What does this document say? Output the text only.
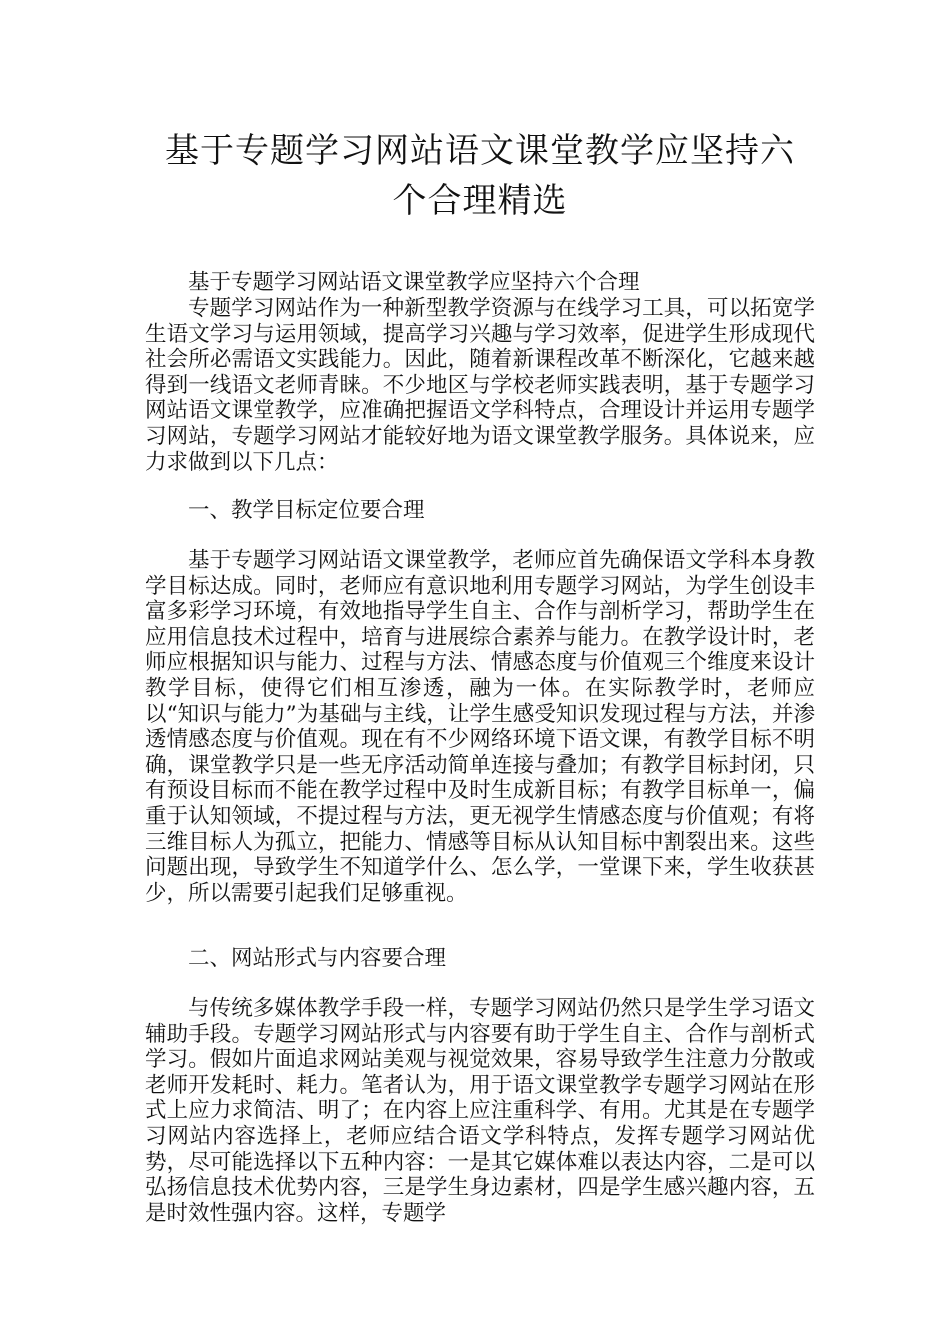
基于专题学习网站语文课堂教学应坚持六
个合理精选

基于专题学习网站语文课堂教学应坚持六个合理

专题学习网站作为一种新型教学资源与在线学习工具，可以拓宽学生语文学习与运用领域，提高学习兴趣与学习效率，促进学生形成现代社会所必需语文实践能力。因此，随着新课程改革不断深化，它越来越得到一线语文老师青睐。不少地区与学校老师实践表明，基于专题学习网站语文课堂教学，应准确把握语文学科特点，合理设计并运用专题学习网站，专题学习网站才能较好地为语文课堂教学服务。具体说来，应力求做到以下几点：

一、教学目标定位要合理

基于专题学习网站语文课堂教学，老师应首先确保语文学科本身教学目标达成。同时，老师应有意识地利用专题学习网站，为学生创设丰富多彩学习环境，有效地指导学生自主、合作与剖析学习，帮助学生在应用信息技术过程中，培育与进展综合素养与能力。在教学设计时，老师应根据知识与能力、过程与方法、情感态度与价值观三个维度来设计教学目标，使得它们相互渗透，融为一体。在实际教学时，老师应以“知识与能力”为基础与主线，让学生感受知识发现过程与方法，并渗透情感态度与价值观。现在有不少网络环境下语文课，有教学目标不明确，课堂教学只是一些无序活动简单连接与叠加；有教学目标封闭，只有预设目标而不能在教学过程中及时生成新目标；有教学目标单一，偏重于认知领域，不提过程与方法，更无视学生情感态度与价值观；有将三维目标人为孤立，把能力、情感等目标从认知目标中割裂出来。这些问题出现，导致学生不知道学什么、怎么学，一堂课下来，学生收获甚少，所以需要引起我们足够重视。

二、网站形式与内容要合理

与传统多媒体教学手段一样，专题学习网站仍然只是学生学习语文辅助手段。专题学习网站形式与内容要有助于学生自主、合作与剖析式学习。假如片面追求网站美观与视觉效果，容易导致学生注意力分散或老师开发耗时、耗力。笔者认为，用于语文课堂教学专题学习网站在形式上应力求简洁、明了；在内容上应注重科学、有用。尤其是在专题学习网站内容选择上，老师应结合语文学科特点，发挥专题学习网站优势，尽可能选择以下五种内容：一是其它媒体难以表达内容，二是可以弘扬信息技术优势内容，三是学生身边素材，四是学生感兴趣内容，五是时效性强内容。这样，专题学
